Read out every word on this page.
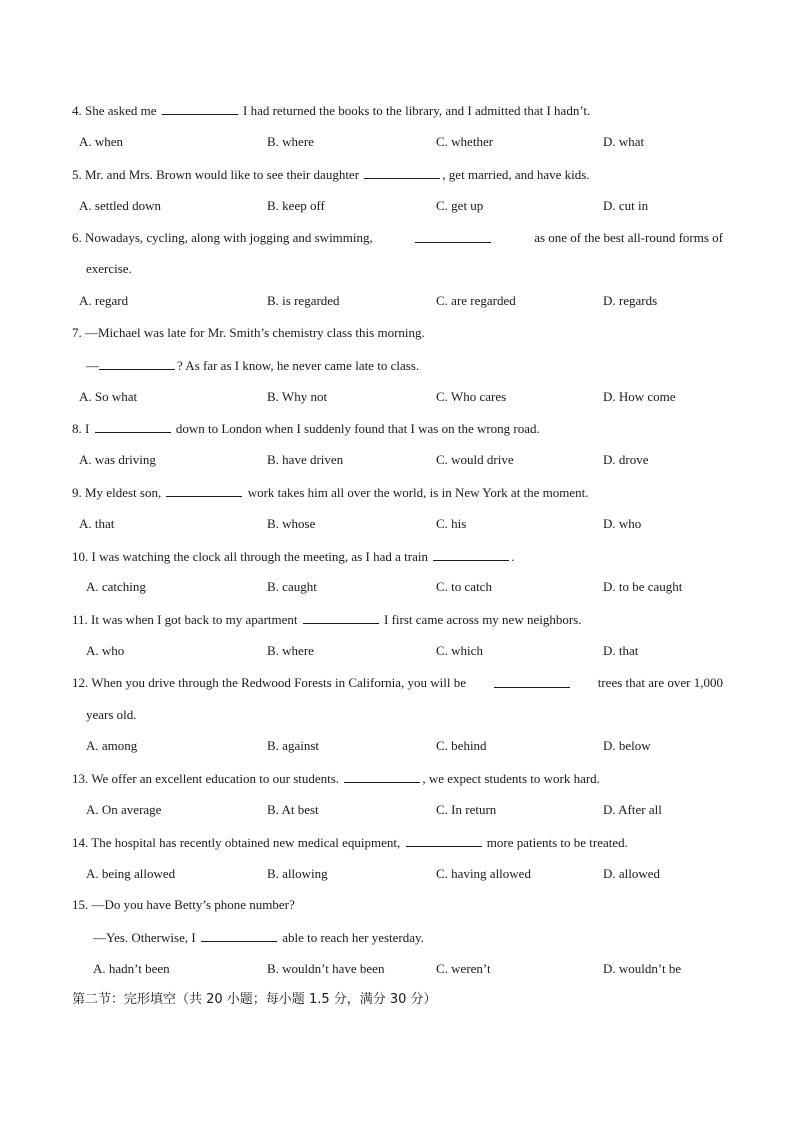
4. She asked me	I had returned the books to the library, and I admitted that I hadn’t.
A. when	B. where	C. whether	D. what
5. Mr. and Mrs. Brown would like to see their daughter	, get married, and have kids.
A. settled down	B. keep off	C. get up	D. cut in
6. Nowadays, cycling, along with jogging and swimming,	as one of the best all-round forms of
exercise.
A. regard	B. is regarded	C. are regarded	D. regards
7. —Michael was late for Mr. Smith’s chemistry class this morning.
—	? As far as I know, he never came late to class.
A. So what	B. Why not	C. Who cares	D. How come
8. I	down to London when I suddenly found that I was on the wrong road.
A. was driving	B. have driven	C. would drive	D. drove
9. My eldest son,	work takes him all over the world, is in New York at the moment.
A. that	B. whose	C. his	D. who
10. I was watching the clock all through the meeting, as I had a train	.
A. catching	B. caught	C. to catch	D. to be caught
11. It was when I got back to my apartment	I first came across my new neighbors.
A. who	B. where	C. which	D. that
12. When you drive through the Redwood Forests in California, you will be	trees that are over 1,000
years old.
A. among	B. against	C. behind	D. below
13. We offer an excellent education to our students.	, we expect students to work hard.
A. On average	B. At best	C. In return	D. After all
14. The hospital has recently obtained new medical equipment,	more patients to be treated.
A. being allowed	B. allowing	C. having allowed	D. allowed
15. —Do you have Betty’s phone number?
—Yes. Otherwise, I	able to reach her yesterday.
A. hadn’t been	B. wouldn’t have been	C. weren’t	D. wouldn’t be
第二节：完形填空（共 20 小题；每小题 1.5 分，满分 30 分）
